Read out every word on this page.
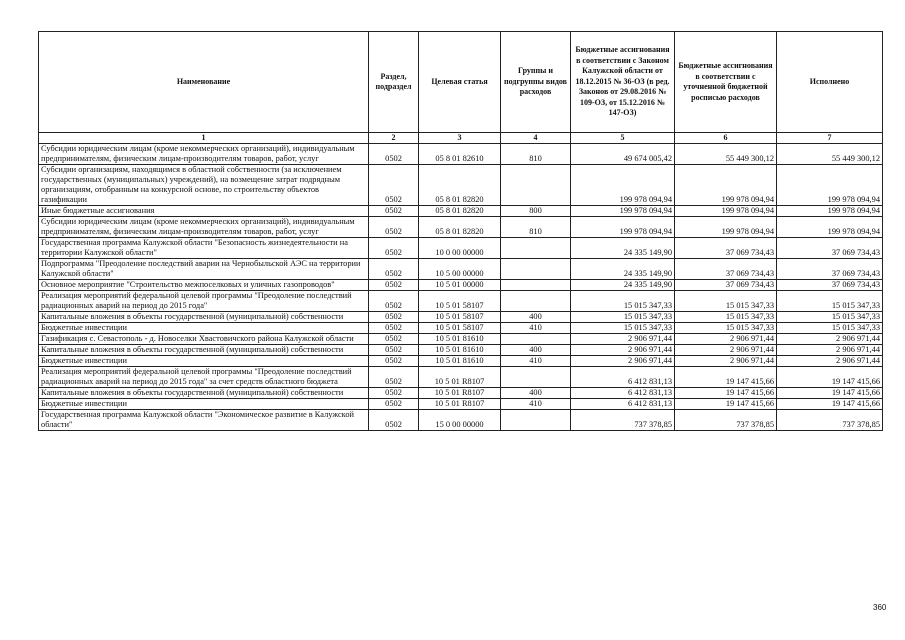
Наименование	Раздел, подраздел	Целевая статья	Группы и подгруппы видов расходов	Бюджетные ассигнования в соответствии с Законом Калужской области от 18.12.2015 № 36-ОЗ (в ред. Законов от 29.08.2016 № 109-ОЗ, от 15.12.2016 № 147-ОЗ)	Бюджетные ассигнования в соответствии с уточненной бюджетной росписью расходов	Исполнено
1	2	3	4	5	6	7
Субсидии юридическим лицам (кроме некоммерческих организаций), индивидуальным предпринимателям, физическим лицам-производителям товаров, работ, услуг	0502	05 8 01 82610	810	49 674 005,42	55 449 300,12	55 449 300,12
Субсидии организациям, находящимся в областной собственности (за исключением государственных (муниципальных) учреждений), на возмещение затрат подрядным организациям, отобранным на конкурсной основе, по строительству объектов газификации	0502	05 8 01 82820		199 978 094,94	199 978 094,94	199 978 094,94
Иные бюджетные ассигнования	0502	05 8 01 82820	800	199 978 094,94	199 978 094,94	199 978 094,94
Субсидии юридическим лицам (кроме некоммерческих организаций), индивидуальным предпринимателям, физическим лицам-производителям товаров, работ, услуг	0502	05 8 01 82820	810	199 978 094,94	199 978 094,94	199 978 094,94
Государственная программа Калужской области "Безопасность жизнедеятельности на территории Калужской области"	0502	10 0 00 00000		24 335 149,90	37 069 734,43	37 069 734,43
Подпрограмма "Преодоление последствий аварии на Чернобыльской АЭС на территории Калужской области"	0502	10 5 00 00000		24 335 149,90	37 069 734,43	37 069 734,43
Основное мероприятие "Строительство межпоселковых и уличных газопроводов"	0502	10 5 01 00000		24 335 149,90	37 069 734,43	37 069 734,43
Реализация мероприятий федеральной целевой программы "Преодоление последствий радиационных аварий на период до 2015 года"	0502	10 5 01 58107		15 015 347,33	15 015 347,33	15 015 347,33
Капитальные вложения в объекты государственной (муниципальной) собственности	0502	10 5 01 58107	400	15 015 347,33	15 015 347,33	15 015 347,33
Бюджетные инвестиции	0502	10 5 01 58107	410	15 015 347,33	15 015 347,33	15 015 347,33
Газификация с. Севастополь - д. Новоселки Хвастовичского района Калужской области	0502	10 5 01 81610		2 906 971,44	2 906 971,44	2 906 971,44
Капитальные вложения в объекты государственной (муниципальной) собственности	0502	10 5 01 81610	400	2 906 971,44	2 906 971,44	2 906 971,44
Бюджетные инвестиции	0502	10 5 01 81610	410	2 906 971,44	2 906 971,44	2 906 971,44
Реализация мероприятий федеральной целевой программы "Преодоление последствий радиационных аварий на период до 2015 года" за счет средств областного бюджета	0502	10 5 01 R8107		6 412 831,13	19 147 415,66	19 147 415,66
Капитальные вложения в объекты государственной (муниципальной) собственности	0502	10 5 01 R8107	400	6 412 831,13	19 147 415,66	19 147 415,66
Бюджетные инвестиции	0502	10 5 01 R8107	410	6 412 831,13	19 147 415,66	19 147 415,66
Государственная программа Калужской области "Экономическое развитие в Калужской области"	0502	15 0 00 00000		737 378,85	737 378,85	737 378,85
360
